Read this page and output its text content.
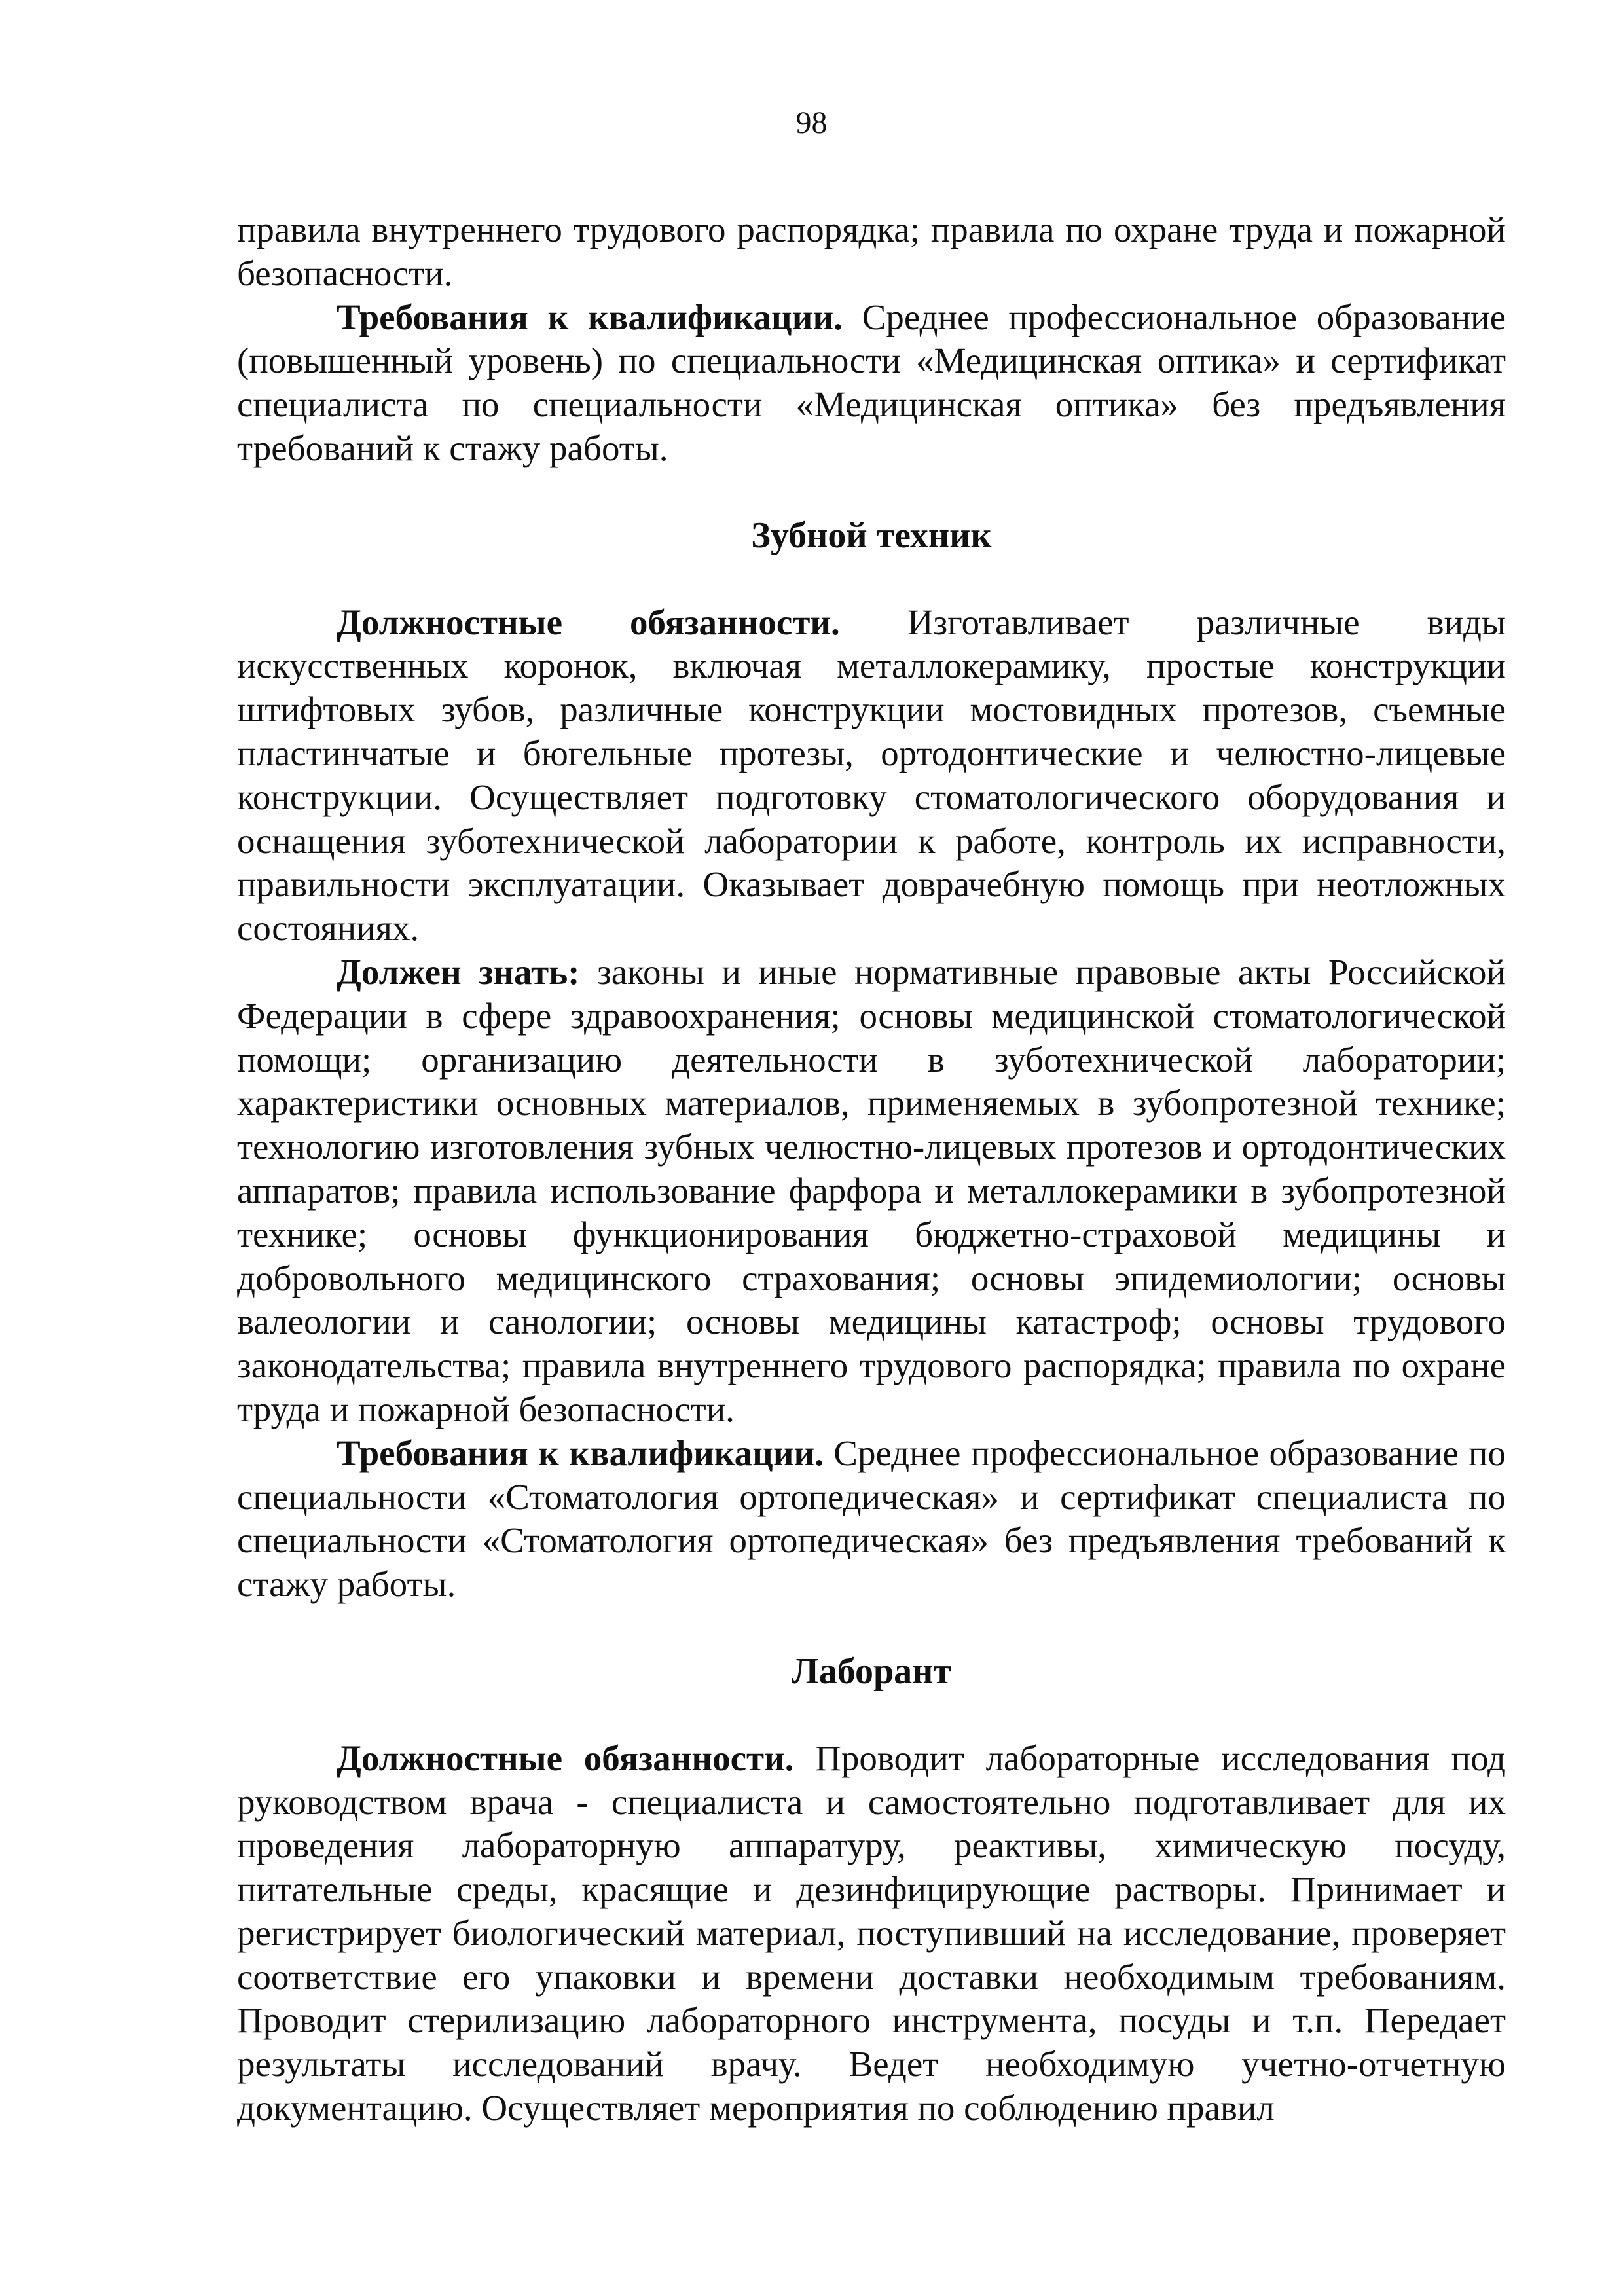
98

правила внутреннего трудового распорядка; правила по охране труда и пожарной безопасности.

Требования к квалификации. Среднее профессиональное образование (повышенный уровень) по специальности «Медицинская оптика» и сертификат специалиста по специальности «Медицинская оптика» без предъявления требований к стажу работы.

Зубной техник

Должностные обязанности. Изготавливает различные виды искусственных коронок, включая металлокерамику, простые конструкции штифтовых зубов, различные конструкции мостовидных протезов, съемные пластинчатые и бюгельные протезы, ортодонтические и челюстно-лицевые конструкции. Осуществляет подготовку стоматологического оборудования и оснащения зуботехнической лаборатории к работе, контроль их исправности, правильности эксплуатации. Оказывает доврачебную помощь при неотложных состояниях.

Должен знать: законы и иные нормативные правовые акты Российской Федерации в сфере здравоохранения; основы медицинской стоматологической помощи; организацию деятельности в зуботехнической лаборатории; характеристики основных материалов, применяемых в зубопротезной технике; технологию изготовления зубных челюстно-лицевых протезов и ортодонтических аппаратов; правила использование фарфора и металлокерамики в зубопротезной технике; основы функционирования бюджетно-страховой медицины и добровольного медицинского страхования; основы эпидемиологии; основы валеологии и санологии; основы медицины катастроф; основы трудового законодательства; правила внутреннего трудового распорядка; правила по охране труда и пожарной безопасности.

Требования к квалификации. Среднее профессиональное образование по специальности «Стоматология ортопедическая» и сертификат специалиста по специальности «Стоматология ортопедическая» без предъявления требований к стажу работы.

Лаборант

Должностные обязанности. Проводит лабораторные исследования под руководством врача - специалиста и самостоятельно подготавливает для их проведения лабораторную аппаратуру, реактивы, химическую посуду, питательные среды, красящие и дезинфицирующие растворы. Принимает и регистрирует биологический материал, поступивший на исследование, проверяет соответствие его упаковки и времени доставки необходимым требованиям. Проводит стерилизацию лабораторного инструмента, посуды и т.п. Передает результаты исследований врачу. Ведет необходимую учетно-отчетную документацию. Осуществляет мероприятия по соблюдению правил
